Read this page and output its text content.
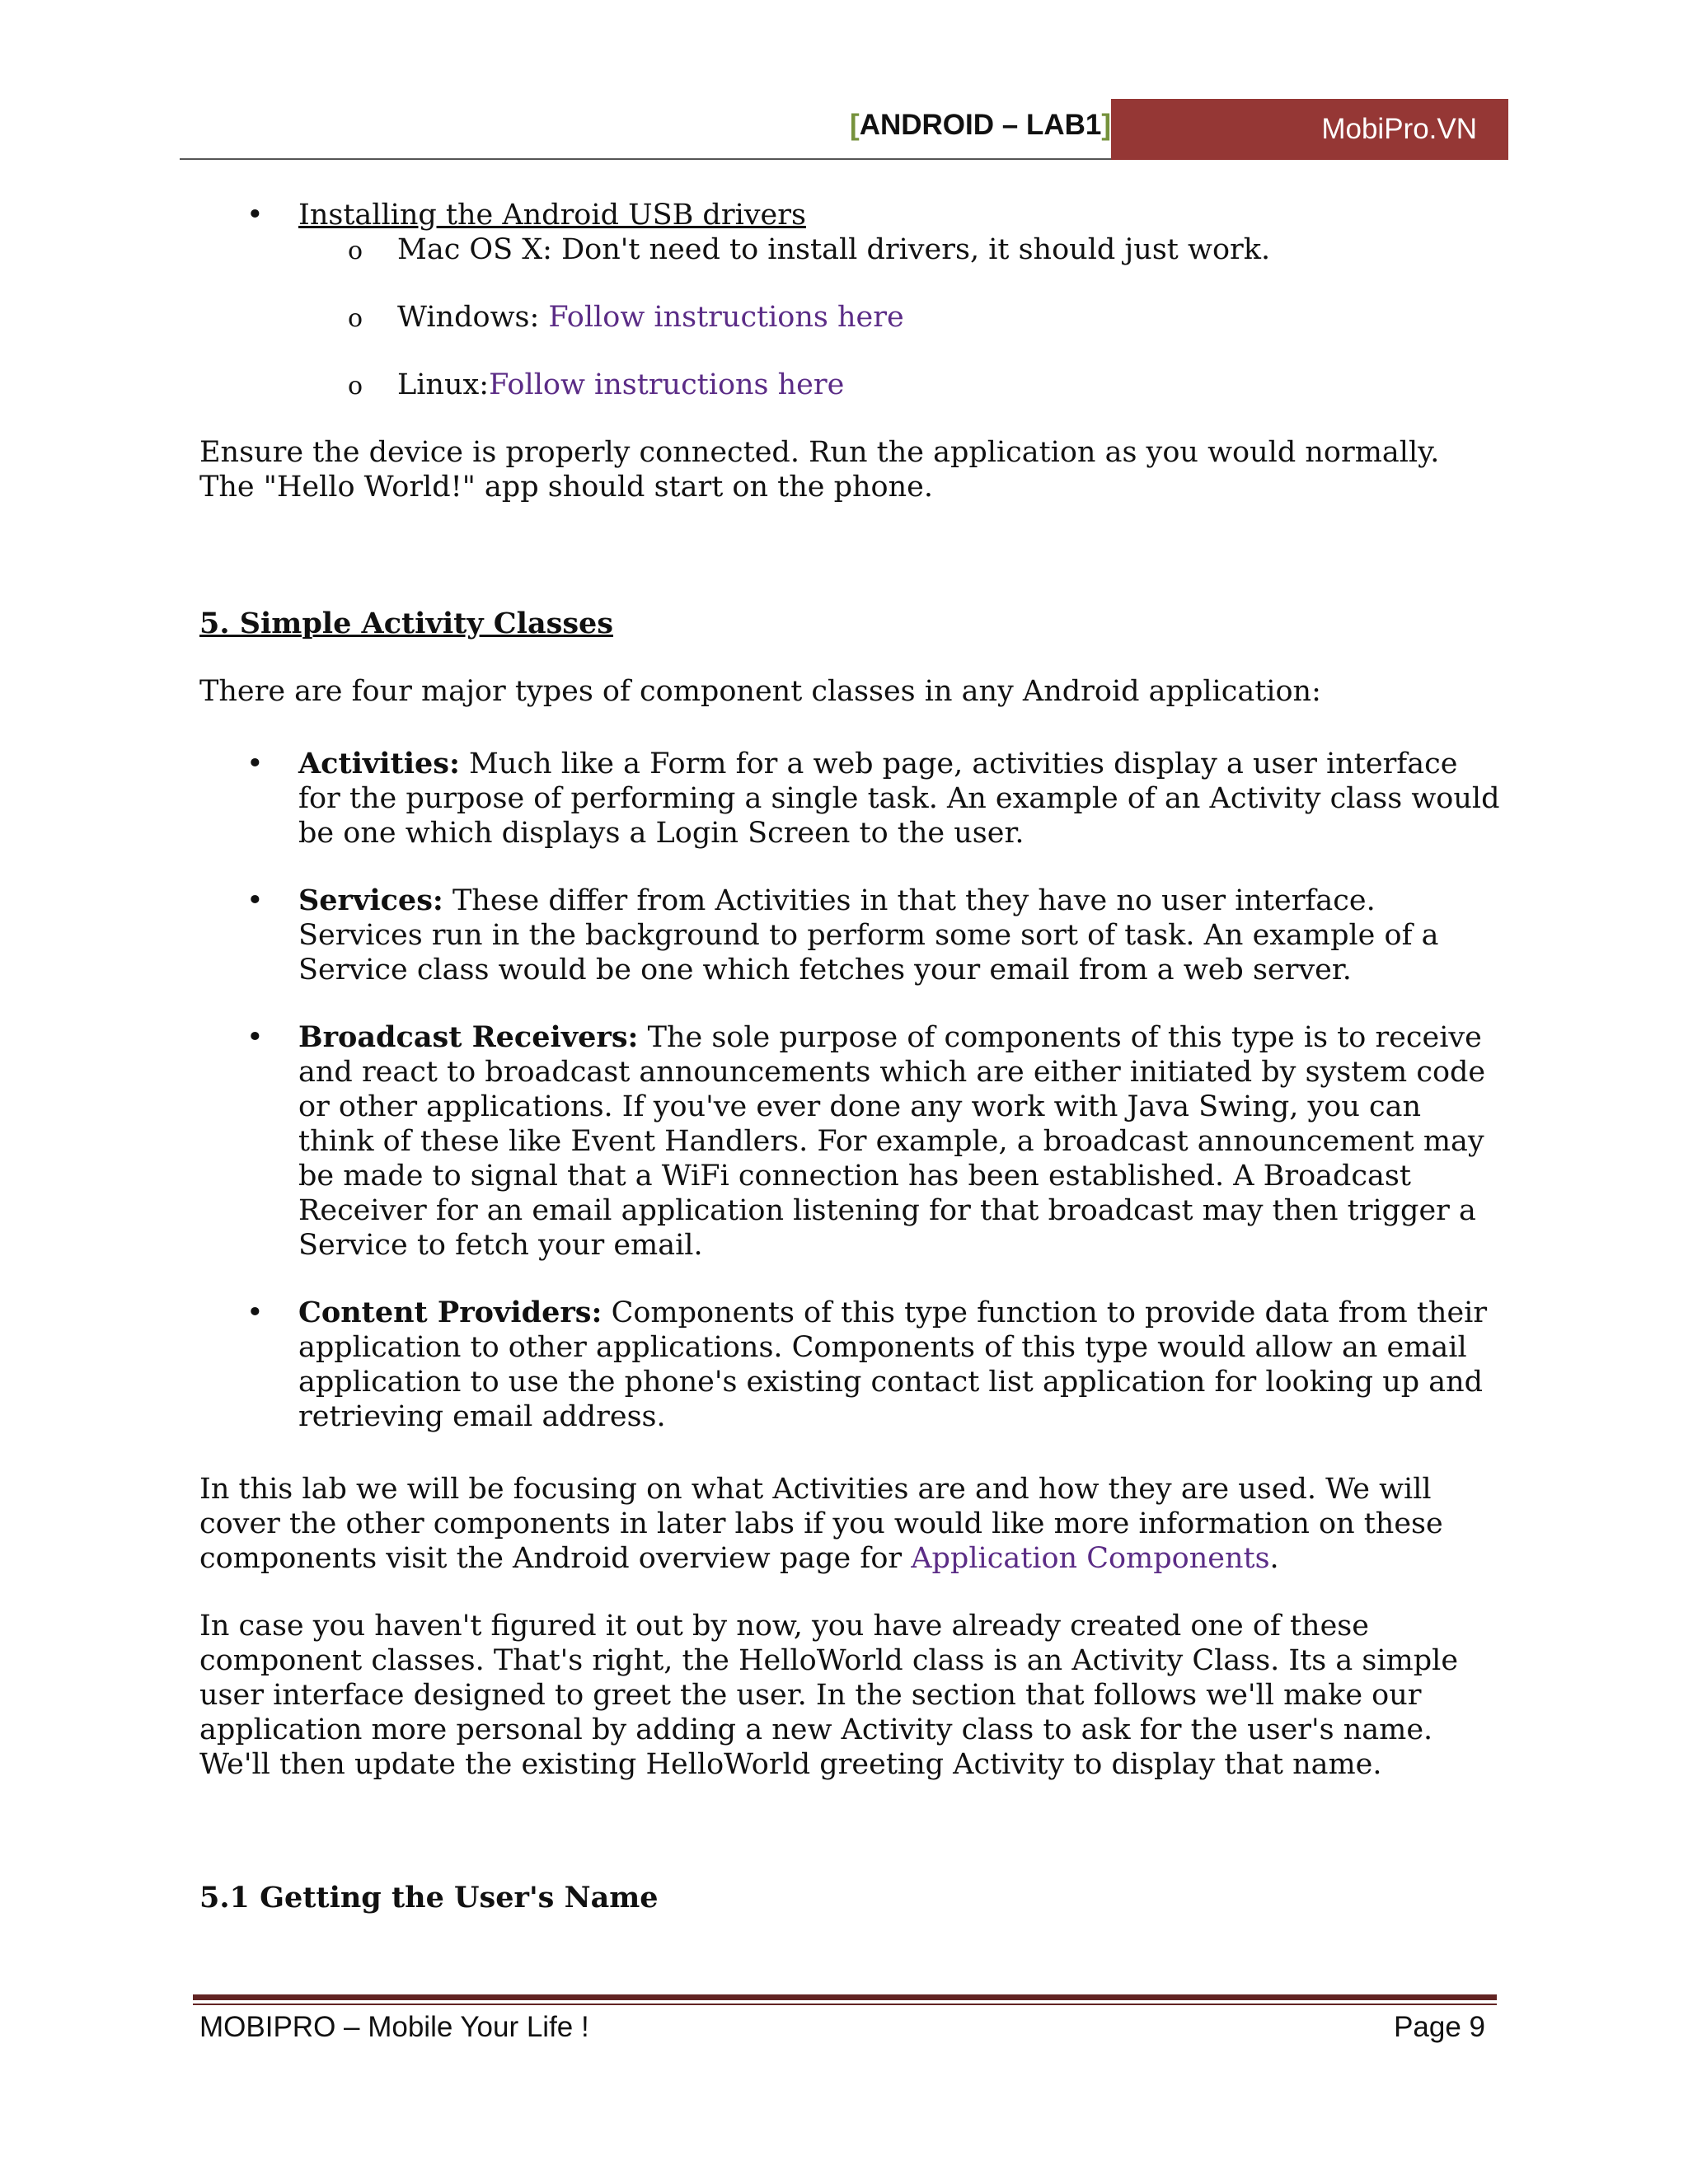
[ANDROID – LAB1]	MobiPro.VN
• Installing the Android USB drivers
o Mac OS X: Don't need to install drivers, it should just work.
o Windows: Follow instructions here
o Linux:Follow instructions here

Ensure the device is properly connected. Run the application as you would normally. The "Hello World!" app should start on the phone.

5. Simple Activity Classes

There are four major types of component classes in any Android application:

• Activities: Much like a Form for a web page, activities display a user interface for the purpose of performing a single task. An example of an Activity class would be one which displays a Login Screen to the user.
• Services: These differ from Activities in that they have no user interface. Services run in the background to perform some sort of task. An example of a Service class would be one which fetches your email from a web server.
• Broadcast Receivers: The sole purpose of components of this type is to receive and react to broadcast announcements which are either initiated by system code or other applications. If you've ever done any work with Java Swing, you can think of these like Event Handlers. For example, a broadcast announcement may be made to signal that a WiFi connection has been established. A Broadcast Receiver for an email application listening for that broadcast may then trigger a Service to fetch your email.
• Content Providers: Components of this type function to provide data from their application to other applications. Components of this type would allow an email application to use the phone's existing contact list application for looking up and retrieving email address.

In this lab we will be focusing on what Activities are and how they are used. We will cover the other components in later labs if you would like more information on these components visit the Android overview page for Application Components.

In case you haven't figured it out by now, you have already created one of these component classes. That's right, the HelloWorld class is an Activity Class. Its a simple user interface designed to greet the user. In the section that follows we'll make our application more personal by adding a new Activity class to ask for the user's name. We'll then update the existing HelloWorld greeting Activity to display that name.

5.1 Getting the User's Name

MOBIPRO – Mobile Your Life !	Page 9
